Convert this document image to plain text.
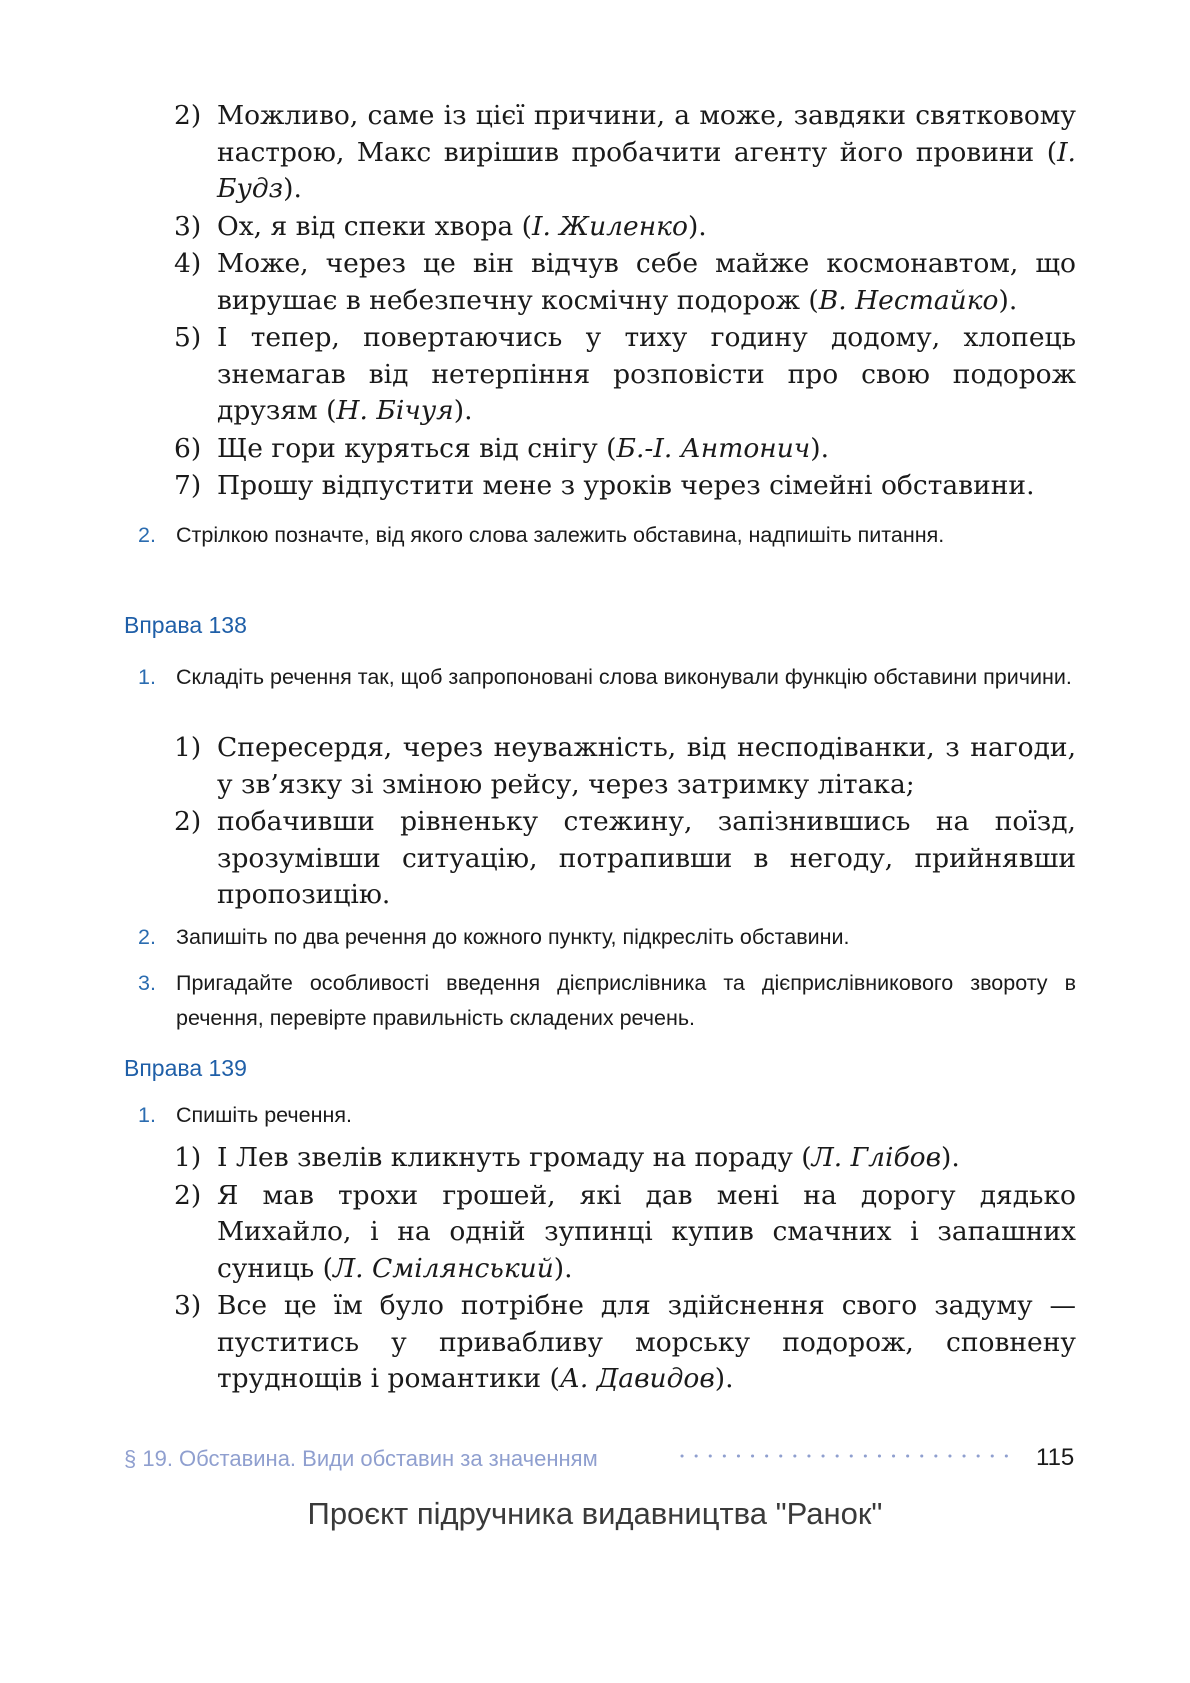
2) Можливо, саме із цієї причини, а може, завдяки святковому настрою, Макс вирішив пробачити агенту його провини (І. Будз).
3) Ох, я від спеки хвора (І. Жиленко).
4) Може, через це він відчув себе майже космонавтом, що вирушає в небезпечну космічну подорож (В. Нестайко).
5) І тепер, повертаючись у тиху годину додому, хлопець знемагав від нетерпіння розповісти про свою подорож друзям (Н. Бічуя).
6) Ще гори куряться від снігу (Б.-І. Антонич).
7) Прошу відпустити мене з уроків через сімейні обставини.
2. Стрілкою позначте, від якого слова залежить обставина, надпишіть питання.
Вправа 138
1. Складіть речення так, щоб запропоновані слова виконували функцію обставини причини.
1) Спересердя, через неуважність, від несподіванки, з нагоди, у зв’язку зі зміною рейсу, через затримку літака;
2) побачивши рівненьку стежину, запізнившись на поїзд, зрозумівши ситуацію, потрапивши в негоду, прийнявши пропозицію.
2. Запишіть по два речення до кожного пункту, підкресліть обставини.
3. Пригадайте особливості введення дієприслівника та дієприслівникового звороту в речення, перевірте правильність складених речень.
Вправа 139
1. Спишіть речення.
1) І Лев звелів кликнуть громаду на пораду (Л. Глібов).
2) Я мав трохи грошей, які дав мені на дорогу дядько Михайло, і на одній зупинці купив смачних і запашних суниць (Л. Смілянський).
3) Все це їм було потрібне для здійснення свого задуму — пуститись у привабливу морську подорож, сповнену труднощів і романтики (А. Давидов).
§ 19. Обставина. Види обставин за значенням	115
Проєкт підручника видавництва "Ранок"
